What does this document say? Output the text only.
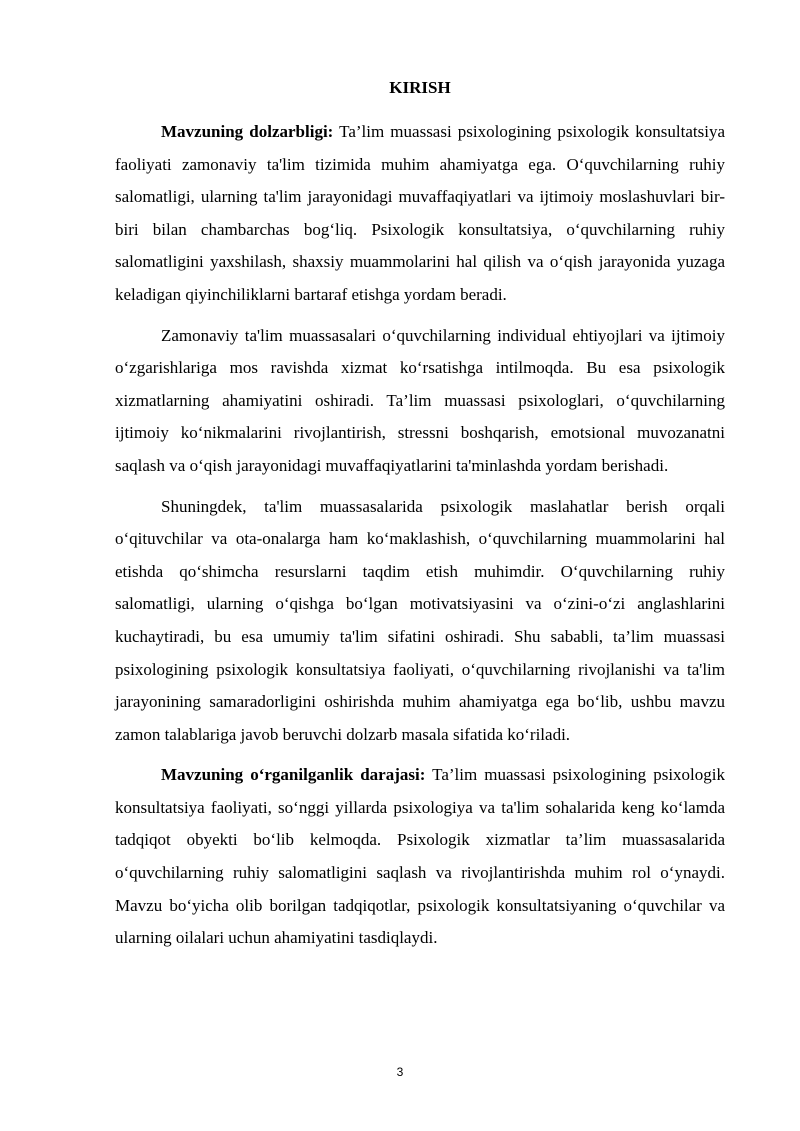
KIRISH

Mavzuning dolzarbligi: Ta’lim muassasi psixologining psixologik konsultatsiya faoliyati zamonaviy ta'lim tizimida muhim ahamiyatga ega. O‘quvchilarning ruhiy salomatligi, ularning ta'lim jarayonidagi muvaffaqiyatlari va ijtimoiy moslashuvlari bir-biri bilan chambarchas bog‘liq. Psixologik konsultatsiya, o‘quvchilarning ruhiy salomatligini yaxshilash, shaxsiy muammolarini hal qilish va o‘qish jarayonida yuzaga keladigan qiyinchiliklarni bartaraf etishga yordam beradi.

Zamonaviy ta'lim muassasalari o‘quvchilarning individual ehtiyojlari va ijtimoiy o‘zgarishlariga mos ravishda xizmat ko‘rsatishga intilmoqda. Bu esa psixologik xizmatlarning ahamiyatini oshiradi. Ta’lim muassasi psixologlari, o‘quvchilarning ijtimoiy ko‘nikmalarini rivojlantirish, stressni boshqarish, emotsional muvozanatni saqlash va o‘qish jarayonidagi muvaffaqiyatlarini ta'minlashda yordam berishadi.

Shuningdek, ta'lim muassasalarida psixologik maslahatlar berish orqali o‘qituvchilar va ota-onalarga ham ko‘maklashish, o‘quvchilarning muammolarini hal etishda qo‘shimcha resurslarni taqdim etish muhimdir. O‘quvchilarning ruhiy salomatligi, ularning o‘qishga bo‘lgan motivatsiyasini va o‘zini-o‘zi anglashlarini kuchaytiradi, bu esa umumiy ta'lim sifatini oshiradi. Shu sababli, ta’lim muassasi psixologining psixologik konsultatsiya faoliyati, o‘quvchilarning rivojlanishi va ta'lim jarayonining samaradorligini oshirishda muhim ahamiyatga ega bo‘lib, ushbu mavzu zamon talablariga javob beruvchi dolzarb masala sifatida ko‘riladi.

Mavzuning o‘rganilganlik darajasi: Ta’lim muassasi psixologining psixologik konsultatsiya faoliyati, so‘nggi yillarda psixologiya va ta'lim sohalarida keng ko‘lamda tadqiqot obyekti bo‘lib kelmoqda. Psixologik xizmatlar ta’lim muassasalarida o‘quvchilarning ruhiy salomatligini saqlash va rivojlantirishda muhim rol o‘ynaydi. Mavzu bo‘yicha olib borilgan tadqiqotlar, psixologik konsultatsiyaning o‘quvchilar va ularning oilalari uchun ahamiyatini tasdiqlaydi.

3
